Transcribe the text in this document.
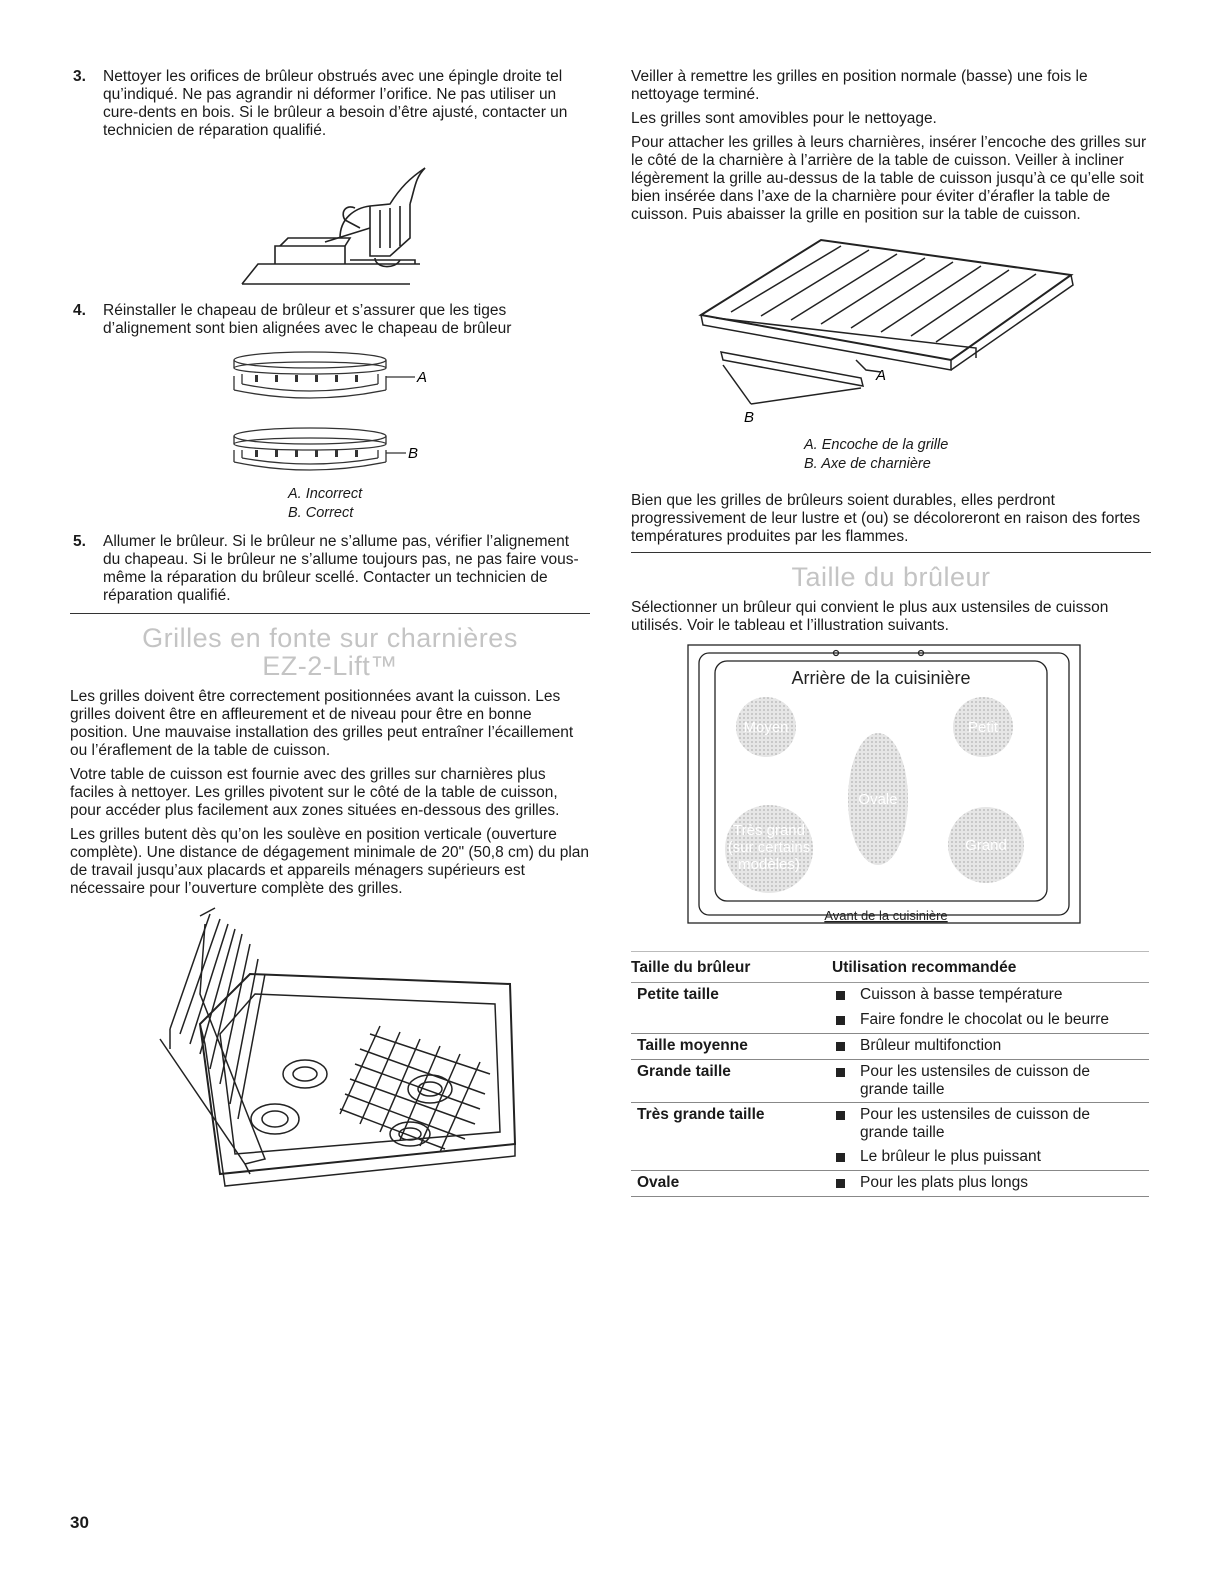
3. Nettoyer les orifices de brûleur obstrués avec une épingle droite tel qu’indiqué. Ne pas agrandir ni déformer l’orifice. Ne pas utiliser un cure-dents en bois. Si le brûleur a besoin d’être ajusté, contacter un technicien de réparation qualifié.
4. Réinstaller le chapeau de brûleur et s’assurer que les tiges d’alignement sont bien alignées avec le chapeau de brûleur
A
B
A. Incorrect
B. Correct
5. Allumer le brûleur. Si le brûleur ne s’allume pas, vérifier l’alignement du chapeau. Si le brûleur ne s’allume toujours pas, ne pas faire vous-même la réparation du brûleur scellé. Contacter un technicien de réparation qualifié.
Grilles en fonte sur charnières
EZ-2-Lift™

Les grilles doivent être correctement positionnées avant la cuisson. Les grilles doivent être en affleurement et de niveau pour être en bonne position. Une mauvaise installation des grilles peut entraîner l’écaillement ou l’éraflement de la table de cuisson.

Votre table de cuisson est fournie avec des grilles sur charnières plus faciles à nettoyer. Les grilles pivotent sur le côté de la table de cuisson, pour accéder plus facilement aux zones situées en-dessous des grilles.

Les grilles butent dès qu’on les soulève en position verticale (ouverture complète). Une distance de dégagement minimale de 20" (50,8 cm) du plan de travail jusqu’aux placards et appareils ménagers supérieurs est nécessaire pour l’ouverture complète des grilles.

Veiller à remettre les grilles en position normale (basse) une fois le nettoyage terminé.

Les grilles sont amovibles pour le nettoyage.

Pour attacher les grilles à leurs charnières, insérer l’encoche des grilles sur le côté de la charnière à l’arrière de la table de cuisson. Veiller à incliner légèrement la grille au-dessus de la table de cuisson jusqu’à ce qu’elle soit bien insérée dans l’axe de la charnière pour éviter d’érafler la table de cuisson. Puis abaisser la grille en position sur la table de cuisson.

A
B
A. Encoche de la grille
B. Axe de charnière

Bien que les grilles de brûleurs soient durables, elles perdront progressivement de leur lustre et (ou) se décoloreront en raison des fortes températures produites par les flammes.

Taille du brûleur

Sélectionner un brûleur qui convient le plus aux ustensiles de cuisson utilisés. Voir le tableau et l’illustration suivants.

Moyen	Petit
Ovale
Très grand
(sur certains
modèles)
Grand
Arrière de la cuisinière
Avant de la cuisinière
Taille du brûleur	Utilisation recommandée	
Petite taille		Cuisson à basse température
		Faire fondre le chocolat ou le beurre
Taille moyenne		Brûleur multifonction
Grande taille		Pour les ustensiles de cuisson de grande taille
Très grande taille		Pour les ustensiles de cuisson de grande taille
		Le brûleur le plus puissant
Ovale		Pour les plats plus longs
30
